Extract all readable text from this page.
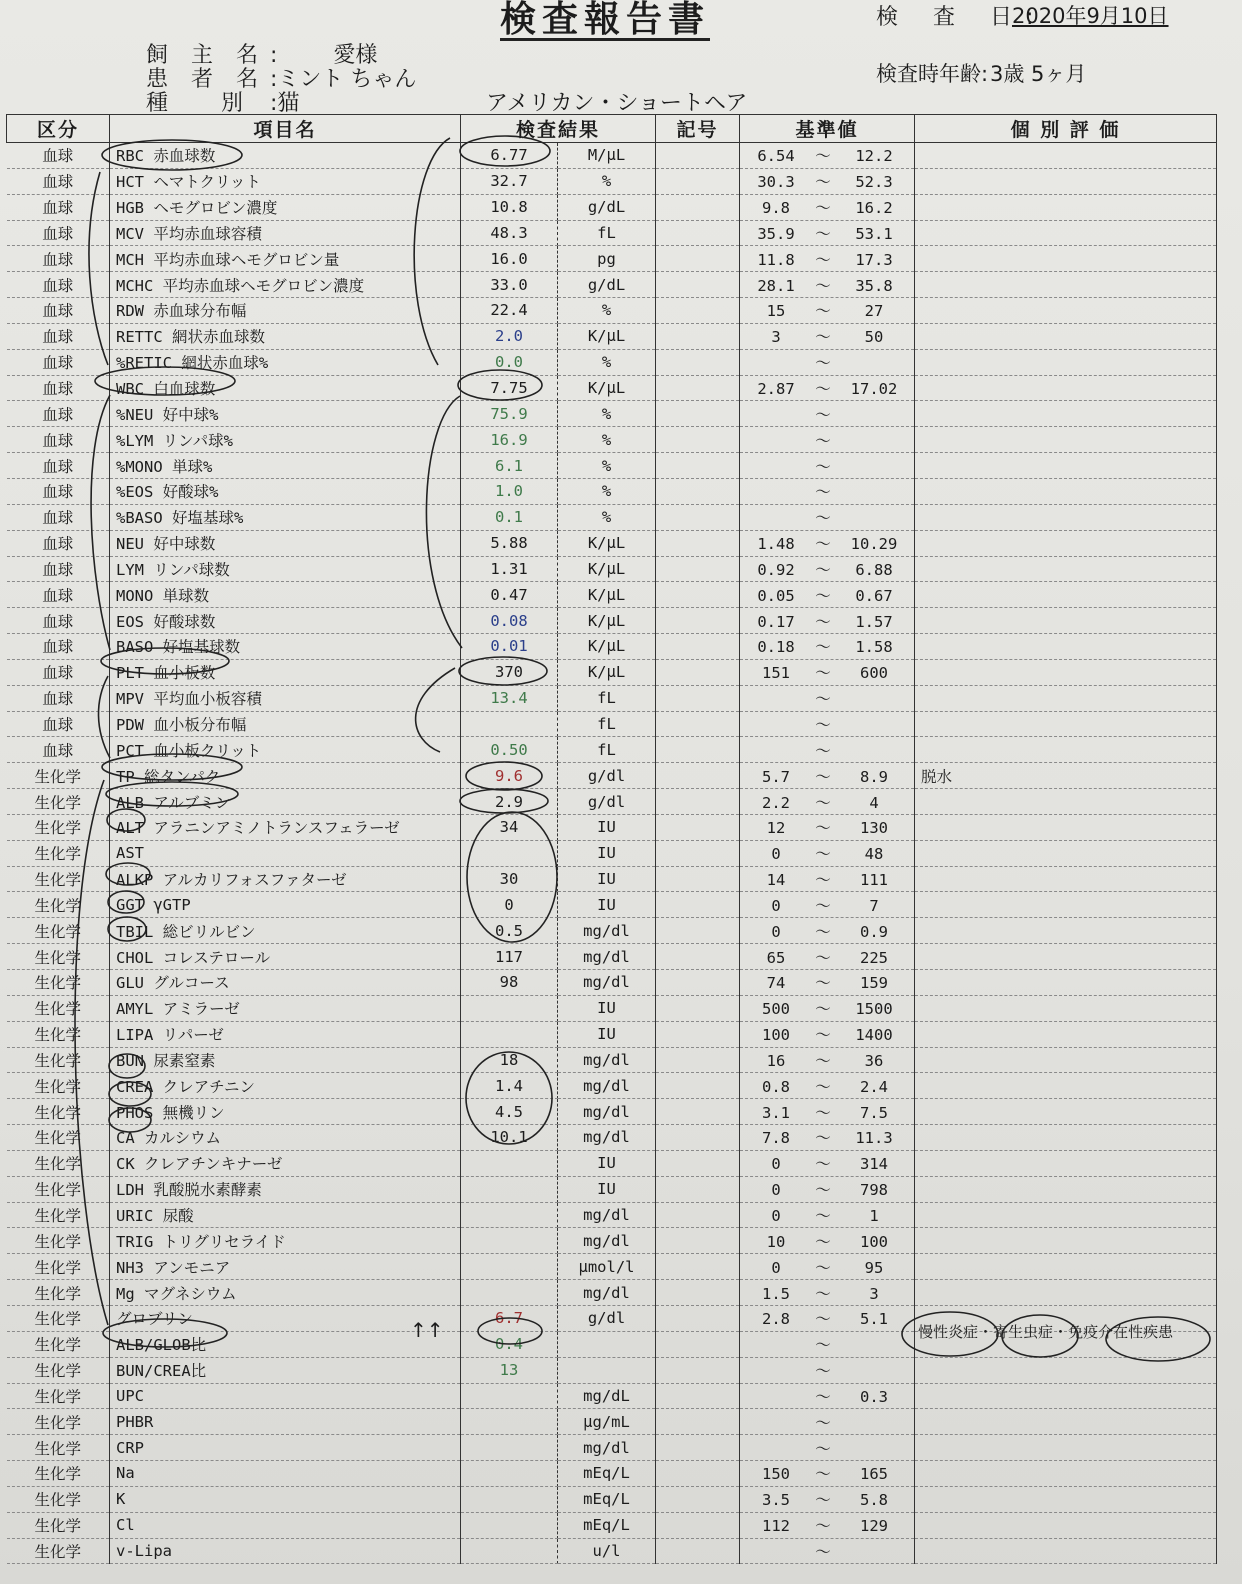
検査報告書	検 査 日:
2020年9月10日
飼 主 名 :        愛様
患 者 名 :ミント ちゃん
種   別 :猫	アメリカン・ショートヘア
検査時年齢: 3歳 5ヶ月
区分	項目名	検査結果		記号	基準値	個 別 評 価
血球	RBC 赤血球数	6.77	M/μL		6.54 〜 12.2	
血球	HCT ヘマトクリット	32.7	%		30.3 〜 52.3	
血球	HGB ヘモグロビン濃度	10.8	g/dL		9.8 〜 16.2	
血球	MCV 平均赤血球容積	48.3	fL		35.9 〜 53.1	
血球	MCH 平均赤血球ヘモグロビン量	16.0	pg		11.8 〜 17.3	
血球	MCHC 平均赤血球ヘモグロビン濃度	33.0	g/dL		28.1 〜 35.8	
血球	RDW 赤血球分布幅	22.4	%		15 〜 27	
血球	RETTC 網状赤血球数	2.0	K/μL		3 〜 50	
血球	%RETIC 網状赤血球%	0.0	%		〜	
血球	WBC 白血球数	7.75	K/μL		2.87 〜 17.02	
血球	%NEU 好中球%	75.9	%		〜	
血球	%LYM リンパ球%	16.9	%		〜	
血球	%MONO 単球%	6.1	%		〜	
血球	%EOS 好酸球%	1.0	%		〜	
血球	%BASO 好塩基球%	0.1	%		〜	
血球	NEU 好中球数	5.88	K/μL		1.48 〜 10.29	
血球	LYM リンパ球数	1.31	K/μL		0.92 〜 6.88	
血球	MONO 単球数	0.47	K/μL		0.05 〜 0.67	
血球	EOS 好酸球数	0.08	K/μL		0.17 〜 1.57	
血球	BASO 好塩基球数	0.01	K/μL		0.18 〜 1.58	
血球	PLT 血小板数	370	K/μL		151 〜 600	
血球	MPV 平均血小板容積	13.4	fL		〜	
血球	PDW 血小板分布幅		fL		〜	
血球	PCT 血小板クリット	0.50	fL		〜	
生化学	TP 総タンパク	9.6	g/dl		5.7 〜 8.9	脱水
生化学	ALB アルブミン	2.9	g/dl		2.2 〜 4	
生化学	ALT アラニンアミノトランスフェラーゼ	34	IU		12 〜 130	
生化学	AST		IU		0 〜 48	
生化学	ALKP アルカリフォスファターゼ	30	IU		14 〜 111	
生化学	GGT γGTP	0	IU		0 〜 7	
生化学	TBIL 総ビリルビン	0.5	mg/dl		0 〜 0.9	
生化学	CHOL コレステロール	117	mg/dl		65 〜 225	
生化学	GLU グルコース	98	mg/dl		74 〜 159	
生化学	AMYL アミラーゼ		IU		500 〜 1500	
生化学	LIPA リパーゼ		IU		100 〜 1400	
生化学	BUN 尿素窒素	18	mg/dl		16 〜 36	
生化学	CREA クレアチニン	1.4	mg/dl		0.8 〜 2.4	
生化学	PHOS 無機リン	4.5	mg/dl		3.1 〜 7.5	
生化学	CA カルシウム	10.1	mg/dl		7.8 〜 11.3	
生化学	CK クレアチンキナーゼ		IU		0 〜 314	
生化学	LDH 乳酸脱水素酵素		IU		0 〜 798	
生化学	URIC 尿酸		mg/dl		0 〜 1	
生化学	TRIG トリグリセライド		mg/dl		10 〜 100	
生化学	NH3 アンモニア		μmol/l		0 〜 95	
生化学	Mg マグネシウム		mg/dl		1.5 〜 3	
生化学	グロブリン	6.7	g/dl		2.8 〜 5.1	
生化学	ALB/GLOB比	0.4			〜	
生化学	BUN/CREA比	13			〜	
生化学	UPC		mg/dL		〜 0.3	
生化学	PHBR		μg/mL		〜	
生化学	CRP		mg/dl		〜	
生化学	Na		mEq/L		150 〜 165	
生化学	K		mEq/L		3.5 〜 5.8	
生化学	Cl		mEq/L		112 〜 129	
生化学	v-Lipa		u/l		〜	
↑↑	慢性炎症・寄生虫症・免疫介在性疾患
